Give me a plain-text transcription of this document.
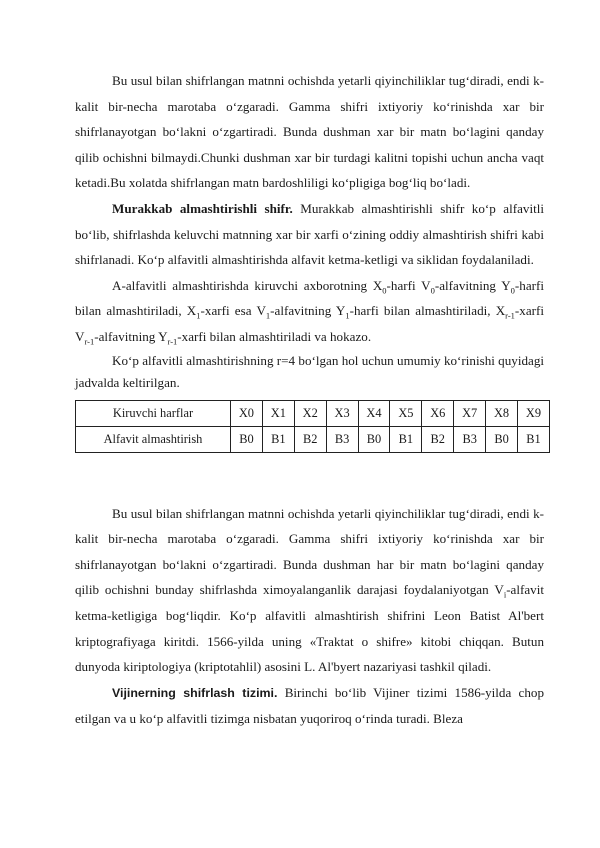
Bu usul bilan shifrlangan matnni ochishda yetarli qiyinchiliklar tug‘diradi, endi k-kalit bir-necha marotaba o‘zgaradi. Gamma shifri ixtiyoriy ko‘rinishda xar bir shifrlanayotgan bo‘lakni o‘zgartiradi. Bunda dushman xar bir matn bo‘lagini qanday qilib ochishni bilmaydi.Chunki dushman xar bir turdagi kalitni topishi uchun ancha vaqt ketadi.Bu xolatda shifrlangan matn bardoshliligi ko‘pligiga bog‘liq bo‘ladi.

Murakkab almashtirishli shifr. Murakkab almashtirishli shifr ko‘p alfavitli bo‘lib, shifrlashda keluvchi matnning xar bir xarfi o‘zining oddiy almashtirish shifri kabi shifrlanadi. Ko‘p alfavitli almashtirishda alfavit ketma-ketligi va siklidan foydalaniladi.

A-alfavitli almashtirishda kiruvchi axborotning $X_0$-harfi $V_0$-alfavitning $Y_0$-harfi bilan almashtiriladi, $X_1$-xarfi esa $V_1$-alfavitning $Y_1$-harfi bilan almashtiriladi, $X_{r-1}$-xarfi $V_{r-1}$-alfavitning $Y_{r-1}$-xarfi bilan almashtiriladi va hokazo.

Ko‘p alfavitli almashtirishning r=4 bo‘lgan hol uchun umumiy ko‘rinishi quyidagi jadvalda keltirilgan.

Kiruvchi harflar	X0	X1	X2	X3	X4	X5	X6	X7	X8	X9
Alfavit almashtirish	B0	B1	B2	B3	B0	B1	B2	B3	B0	B1

Bu usul bilan shifrlangan matnni ochishda yetarli qiyinchiliklar tug‘diradi, endi k-kalit bir-necha marotaba o‘zgaradi. Gamma shifri ixtiyoriy ko‘rinishda xar bir shifrlanayotgan bo‘lakni o‘zgartiradi. Bunda dushman har bir matn bo‘lagini qanday qilib ochishni bunday shifrlashda ximoyalanganlik darajasi foydalaniyotgan $V_i$-alfavit ketma-ketligiga bog‘liqdir. Ko‘p alfavitli almashtirish shifrini Leon Batist Al'bert kriptografiyaga kiritdi. 1566-yilda uning «Traktat o shifre» kitobi chiqqan. Butun dunyoda kiriptologiya (kriptotahlil) asosini L. Al'byert nazariyasi tashkil qiladi.

Vijinerning shifrlash tizimi. Birinchi bo‘lib Vijiner tizimi 1586-yilda chop etilgan va u ko‘p alfavitli tizimga nisbatan yuqoriroq o‘rinda turadi. Bleza
